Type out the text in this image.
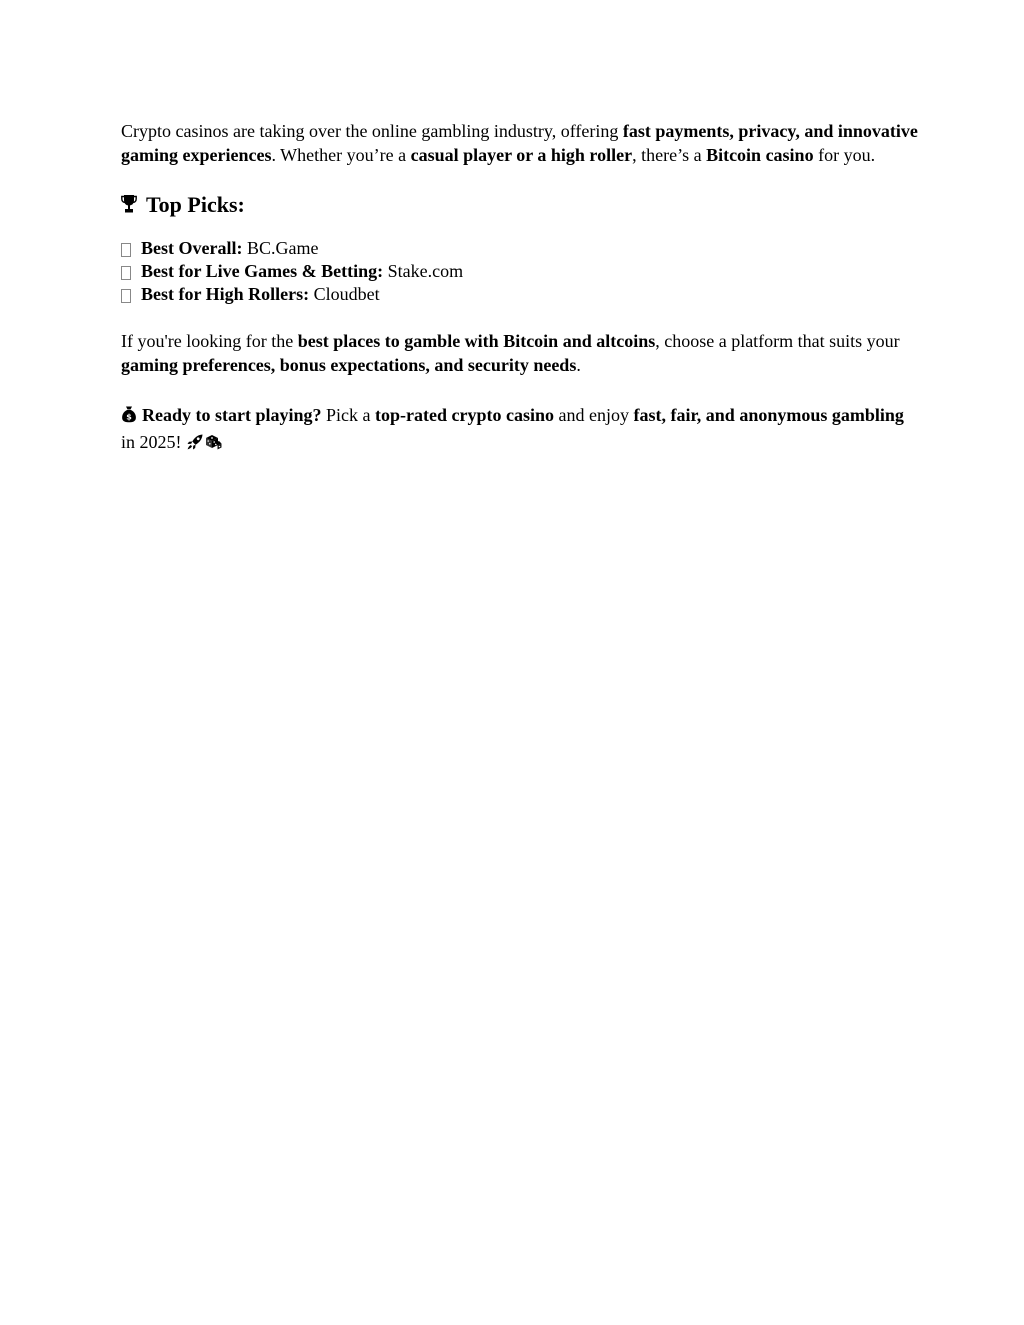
Crypto casinos are taking over the online gambling industry, offering fast payments, privacy, and innovative gaming experiences. Whether you’re a casual player or a high roller, there’s a Bitcoin casino for you.

Top Picks:
Best Overall:
BC.Game
Best for Live Games & Betting:
Stake.com
Best for High Rollers:
Cloudbet

If you're looking for the best places to gamble with Bitcoin and altcoins, choose a platform that suits your gaming preferences, bonus expectations, and security needs.

$ Ready to start playing? Pick a top-rated crypto casino and enjoy fast, fair, and anonymous gambling in 2025!
